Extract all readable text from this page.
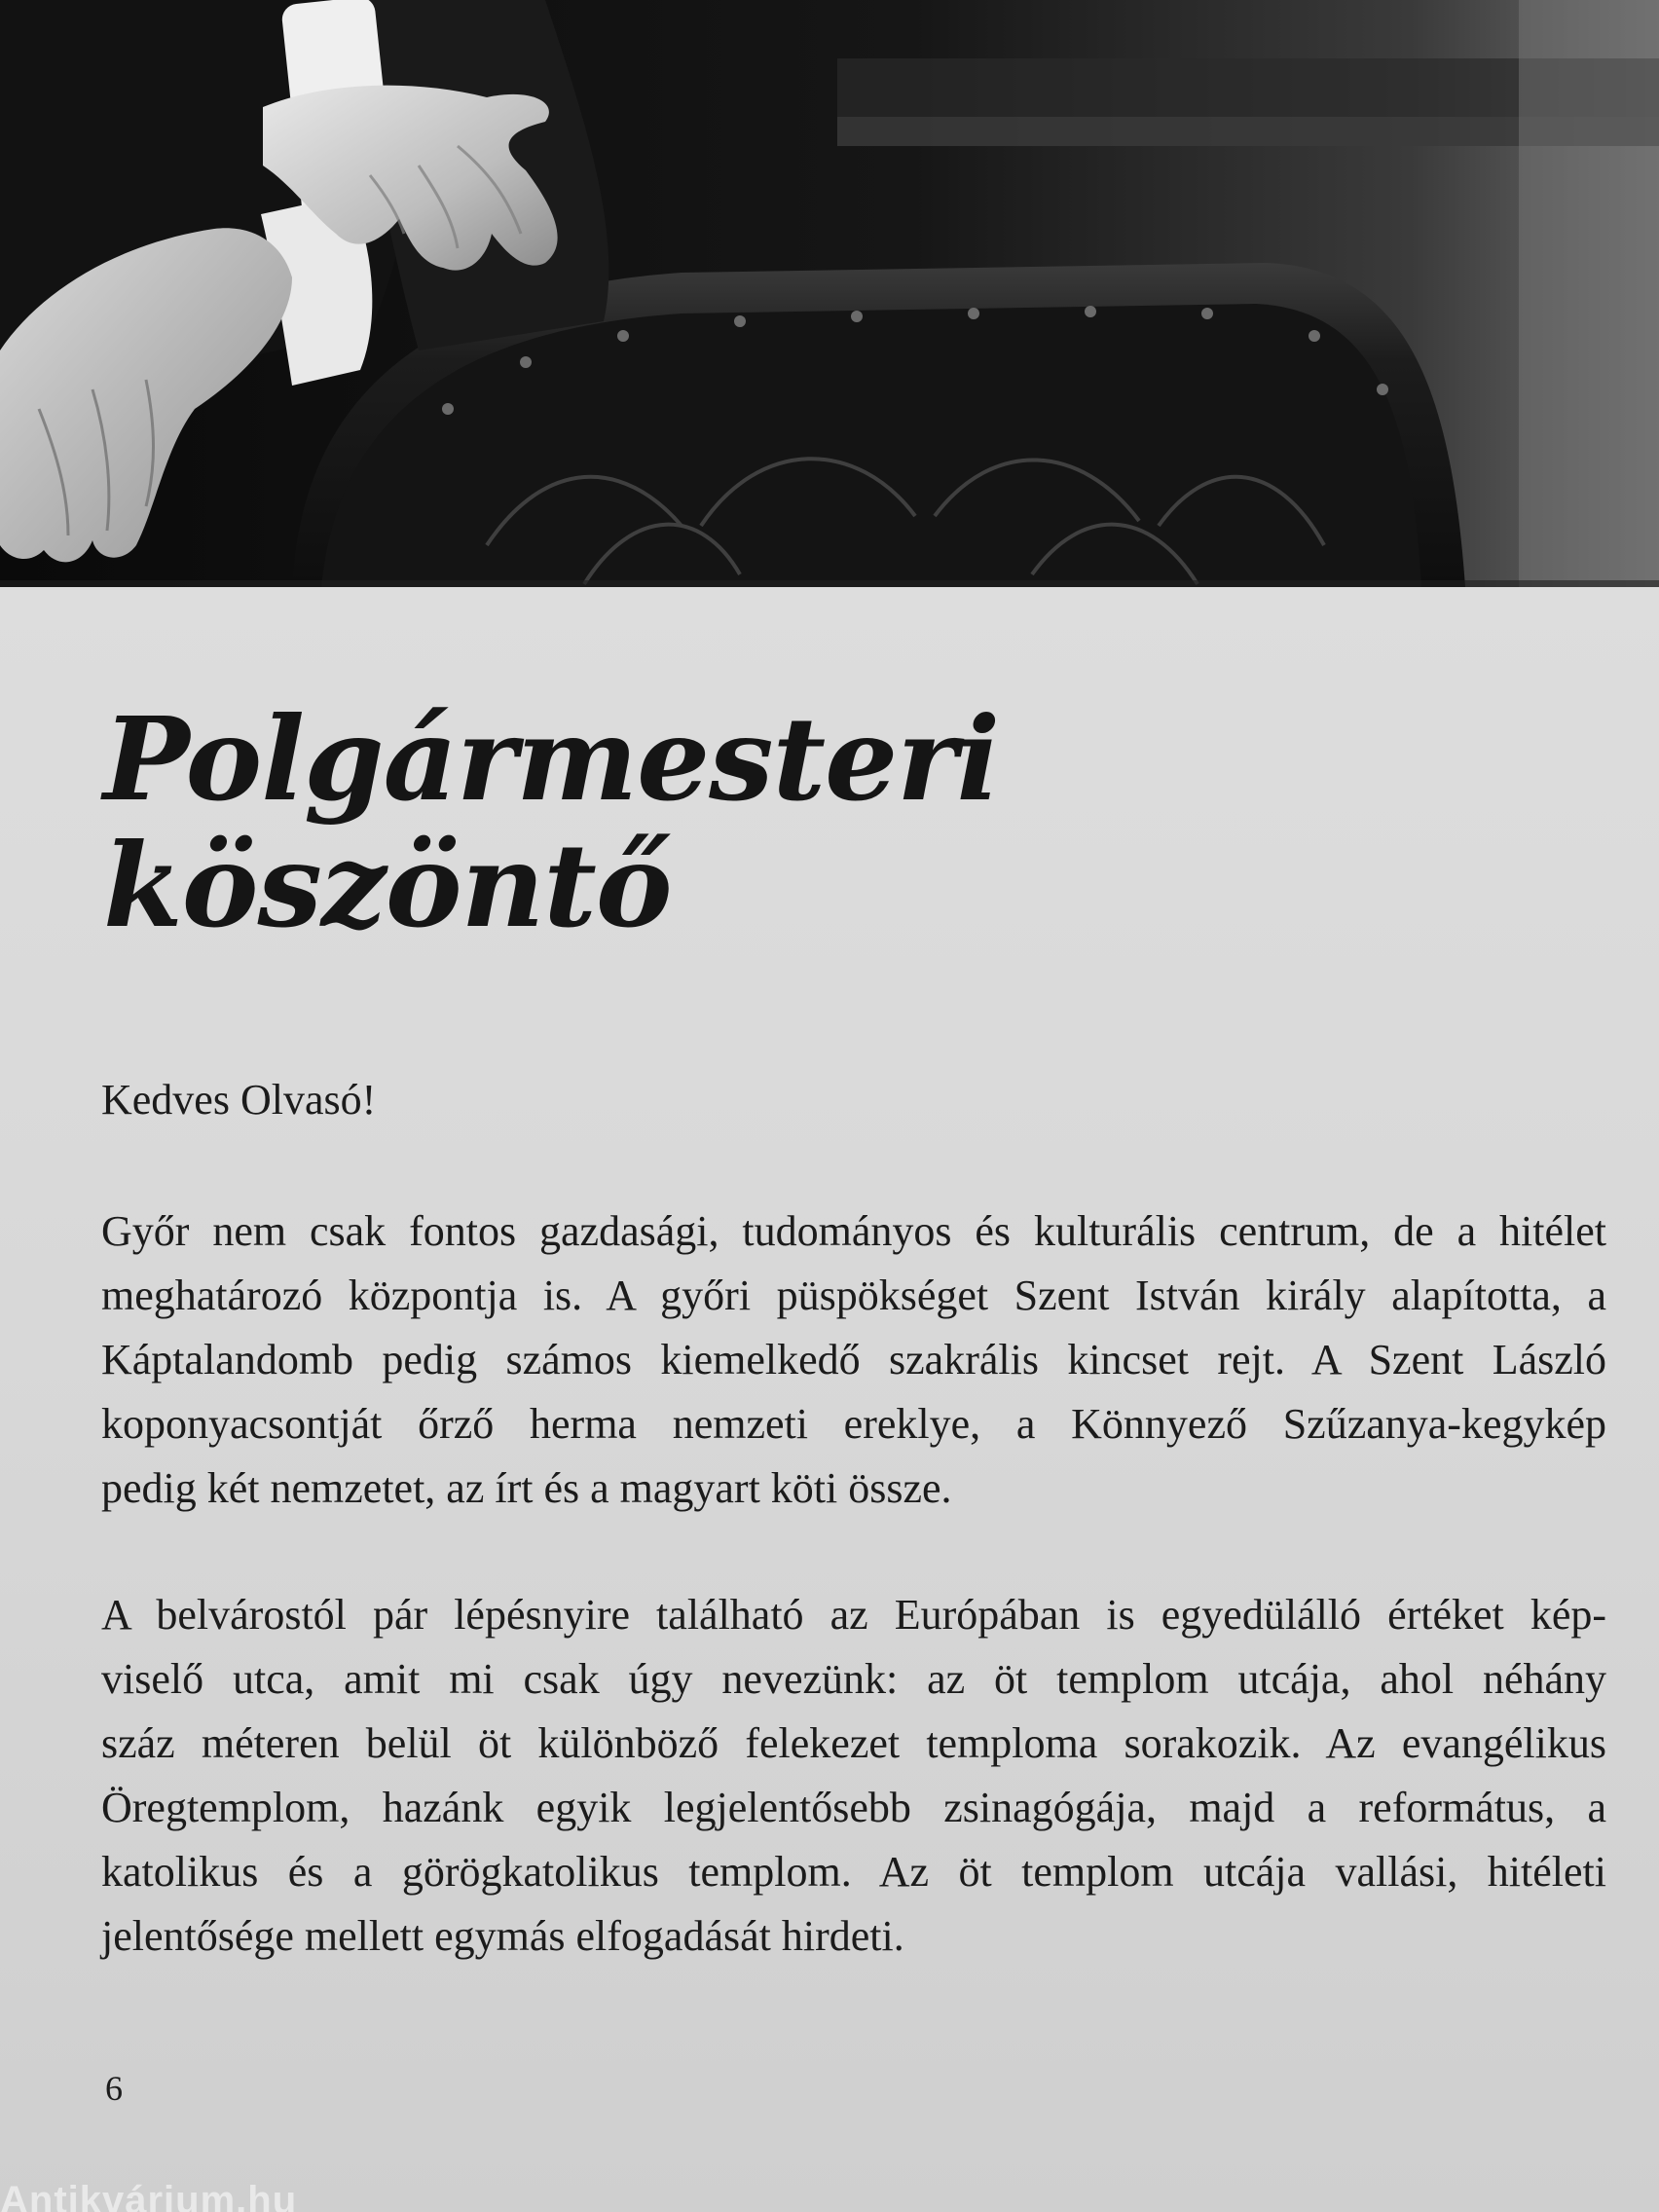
Polgármesteri
köszöntő

Kedves Olvasó!

Győr nem csak fontos gazdasági, tudományos és kulturális centrum, de a hitélet
meghatározó központja is. A győri püspökséget Szent István király alapította, a
Káptalandomb pedig számos kiemelkedő szakrális kincset rejt. A Szent László
koponyacsontját őrző herma nemzeti ereklye, a Könnyező Szűzanya-kegykép
pedig két nemzetet, az írt és a magyart köti össze.

A belvárostól pár lépésnyire található az Európában is egyedülálló értéket kép-
viselő utca, amit mi csak úgy nevezünk: az öt templom utcája, ahol néhány
száz méteren belül öt különböző felekezet temploma sorakozik. Az evangélikus
Öregtemplom, hazánk egyik legjelentősebb zsinagógája, majd a református, a
katolikus és a görögkatolikus templom. Az öt templom utcája vallási, hitéleti
jelentősége mellett egymás elfogadását hirdeti.

6

Antikvárium.hu
